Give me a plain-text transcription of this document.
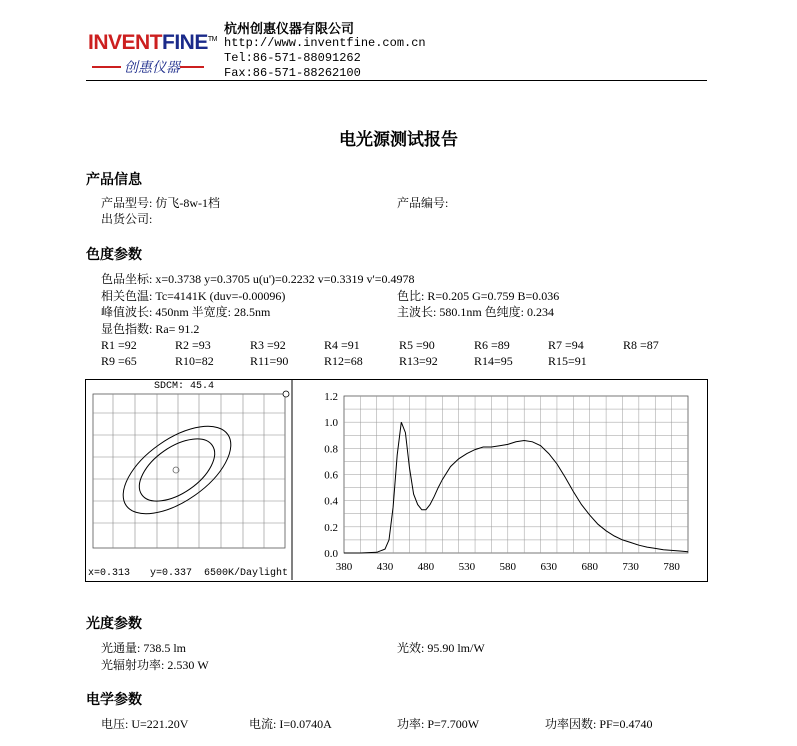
INVENTFINE™
创惠仪器
杭州创惠仪器有限公司
http://www.inventfine.com.cn
Tel:86-571-88091262
Fax:86-571-88262100
电光源测试报告
产品信息
产品型号: 仿飞-8w-1档	产品编号:
出货公司:
色度参数
色品坐标: x=0.3738 y=0.3705 u(u')=0.2232 v=0.3319 v'=0.4978
相关色温: Tc=4141K (duv=-0.00096)	色比: R=0.205 G=0.759 B=0.036
峰值波长: 450nm 半宽度: 28.5nm	主波长: 580.1nm 色纯度: 0.234
显色指数: Ra= 91.2
R1 =92	R2 =93	R3 =92	R4 =91	R5 =90	R6 =89	R7 =94	R8 =87
R9 =65	R10=82	R11=90	R12=68	R13=92	R14=95	R15=91
SDCM: 45.4
x=0.313 y=0.337 6500K/Daylight
0.0
0.2
0.4
0.6
0.8
1.0
1.2
380 430 480 530 580 630 680 730 780
光度参数
光通量: 738.5 lm	光效: 95.90 lm/W
光辐射功率: 2.530 W
电学参数
电压: U=221.20V	电流: I=0.0740A	功率: P=7.700W	功率因数: PF=0.4740
